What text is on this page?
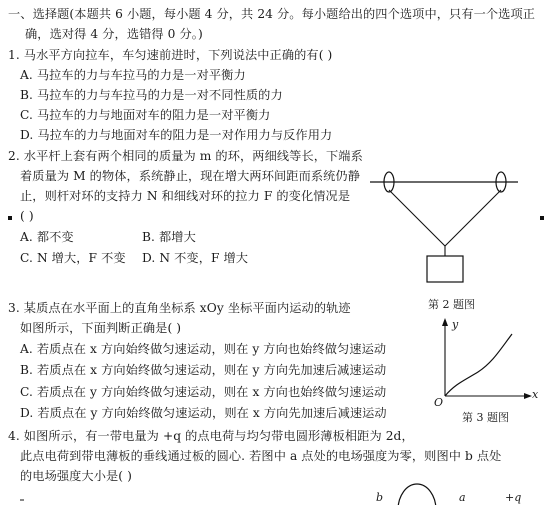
一、选择题(本题共 6 小题，每小题 4 分，共 24 分。每小题给出的四个选项中，只有一个选项正
确，选对得 4 分，选错得 0 分。)
1. 马水平方向拉车，车匀速前进时，下列说法中正确的有( )
A. 马拉车的力与车拉马的力是一对平衡力
B. 马拉车的力与车拉马的力是一对不同性质的力
C. 马拉车的力与地面对车的阻力是一对平衡力
D. 马拉车的力与地面对车的阻力是一对作用力与反作用力
2. 水平杆上套有两个相同的质量为 m 的环，两细线等长，下端系
着质量为 M 的物体，系统静止，现在增大两环间距而系统仍静
止，则杆对环的支持力 N 和细线对环的拉力 F 的变化情况是
( )
A. 都不变	B. 都增大
C. N 增大，F 不变 D. N 不变，F 增大
第 2 题图
3. 某质点在水平面上的直角坐标系 xOy 坐标平面内运动的轨迹
如图所示，下面判断正确是( )
A. 若质点在 x 方向始终做匀速运动，则在 y 方向也始终做匀速运动
B. 若质点在 x 方向始终做匀速运动，则在 y 方向先加速后减速运动
C. 若质点在 y 方向始终做匀速运动，则在 x 方向也始终做匀速运动
D. 若质点在 y 方向始终做匀速运动，则在 x 方向先加速后减速运动
y
x
O
第 3 题图
4. 如图所示，有一带电量为 +q 的点电荷与均匀带电圆形薄板相距为 2d，
此点电荷到带电薄板的垂线通过板的圆心. 若图中 a 点处的电场强度为零，则图中 b 点处
的电场强度大小是( )
b	a	+q
